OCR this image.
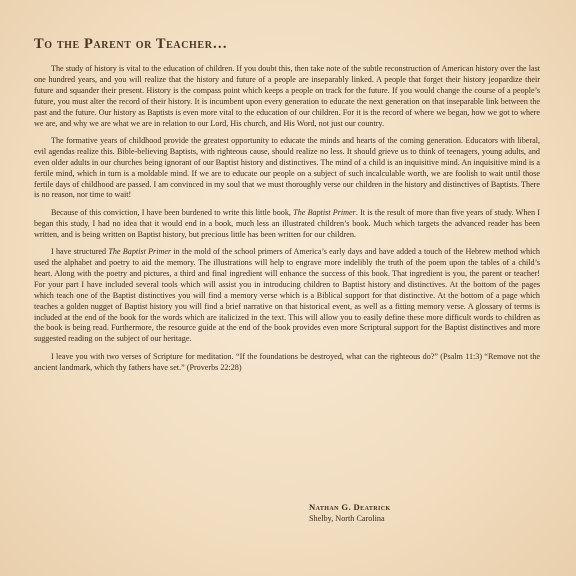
To the Parent or Teacher…

The study of history is vital to the education of children. If you doubt this, then take note of the subtle reconstruction of American history over the last one hundred years, and you will realize that the history and future of a people are inseparably linked. A people that forget their history jeopardize their future and squander their present. History is the compass point which keeps a people on track for the future. If you would change the course of a people’s future, you must alter the record of their history. It is incumbent upon every generation to educate the next generation on that inseparable link between the past and the future. Our history as Baptists is even more vital to the education of our children. For it is the record of where we began, how we got to where we are, and why we are what we are in relation to our Lord, His church, and His Word, not just our country.

The formative years of childhood provide the greatest opportunity to educate the minds and hearts of the coming generation. Educators with liberal, evil agendas realize this. Bible-believing Baptists, with righteous cause, should realize no less. It should grieve us to think of teenagers, young adults, and even older adults in our churches being ignorant of our Baptist history and distinctives. The mind of a child is an inquisitive mind. An inquisitive mind is a fertile mind, which in turn is a moldable mind. If we are to educate our people on a subject of such incalculable worth, we are foolish to wait until those fertile days of childhood are passed. I am convinced in my soul that we must thoroughly verse our children in the history and distinctives of Baptists. There is no reason, nor time to wait!

Because of this conviction, I have been burdened to write this little book, The Baptist Primer. It is the result of more than five years of study. When I began this study, I had no idea that it would end in a book, much less an illustrated children’s book. Much which targets the advanced reader has been written, and is being written on Baptist history, but precious little has been written for our children.

I have structured The Baptist Primer in the mold of the school primers of America’s early days and have added a touch of the Hebrew method which used the alphabet and poetry to aid the memory. The illustrations will help to engrave more indelibly the truth of the poem upon the tables of a child’s heart. Along with the poetry and pictures, a third and final ingredient will enhance the success of this book. That ingredient is you, the parent or teacher! For your part I have included several tools which will assist you in introducing children to Baptist history and distinctives. At the bottom of the pages which teach one of the Baptist distinctives you will find a memory verse which is a Biblical support for that distinctive. At the bottom of a page which teaches a golden nugget of Baptist history you will find a brief narrative on that historical event, as well as a fitting memory verse. A glossary of terms is included at the end of the book for the words which are italicized in the text. This will allow you to easily define these more difficult words to children as the book is being read. Furthermore, the resource guide at the end of the book provides even more Scriptural support for the Baptist distinctives and more suggested reading on the subject of our heritage.

I leave you with two verses of Scripture for meditation. “If the foundations be destroyed, what can the righteous do?” (Psalm 11:3) “Remove not the ancient landmark, which thy fathers have set.” (Proverbs 22:28)

Nathan G. Deatrick
Shelby, North Carolina
